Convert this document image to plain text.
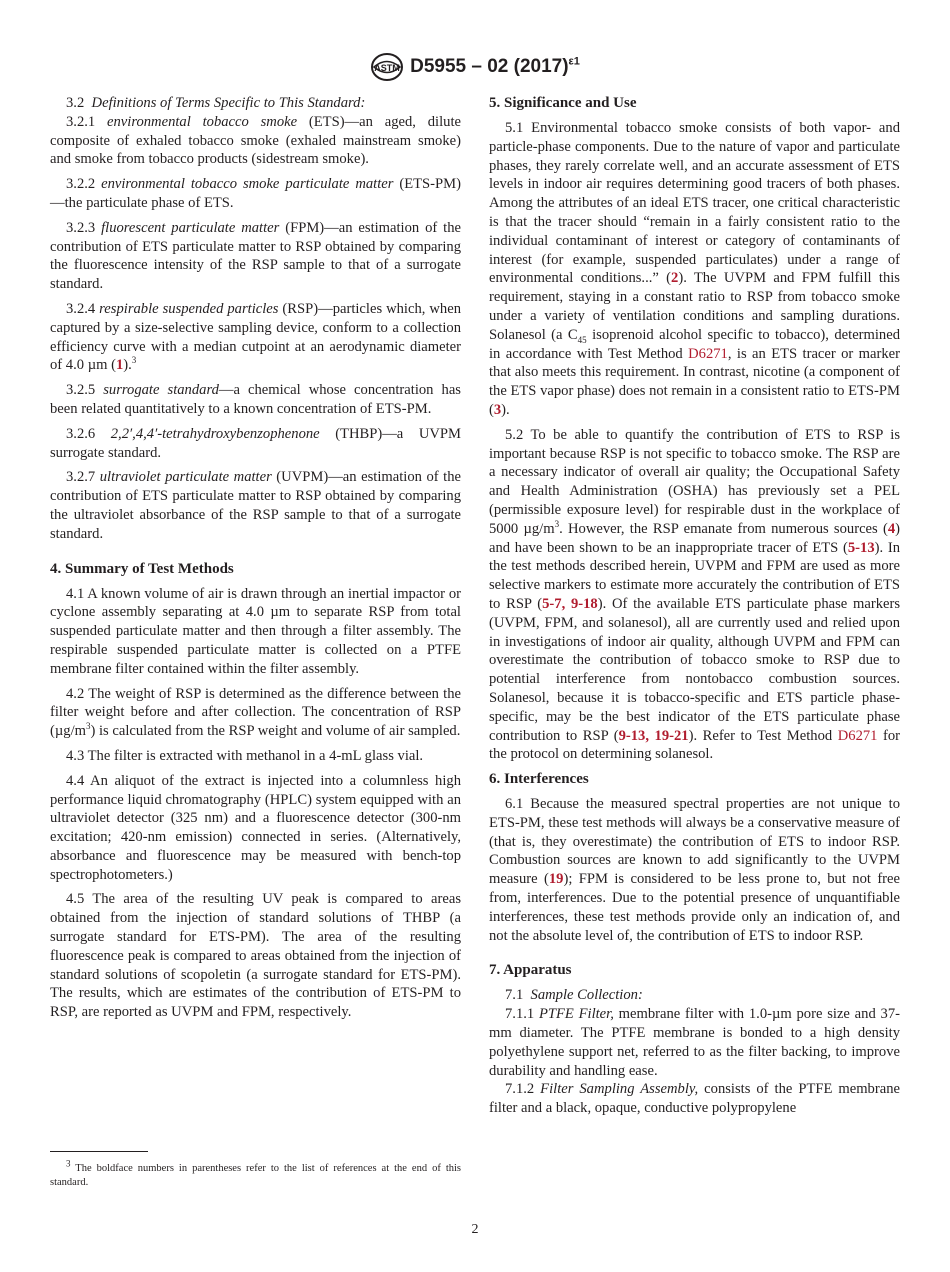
ASTM D5955 – 02 $(2017)^{\varepsilon 1}$

3.2 Definitions of Terms Specific to This Standard:

3.2.1 environmental tobacco smoke (ETS)—an aged, dilute composite of exhaled tobacco smoke (exhaled mainstream smoke) and smoke from tobacco products (sidestream smoke).

3.2.2 environmental tobacco smoke particulate matter (ETS-PM)—the particulate phase of ETS.

3.2.3 fluorescent particulate matter (FPM)—an estimation of the contribution of ETS particulate matter to RSP obtained by comparing the fluorescence intensity of the RSP sample to that of a surrogate standard.

3.2.4 respirable suspended particles (RSP)—particles which, when captured by a size-selective sampling device, conform to a collection efficiency curve with a median cutpoint at an aerodynamic diameter of 4.0 µm (1).$^3$

3.2.5 surrogate standard—a chemical whose concentration has been related quantitatively to a known concentration of ETS-PM.

3.2.6 2,2′,4,4′-tetrahydroxybenzophenone (THBP)—a UVPM surrogate standard.

3.2.7 ultraviolet particulate matter (UVPM)—an estimation of the contribution of ETS particulate matter to RSP obtained by comparing the ultraviolet absorbance of the RSP sample to that of a surrogate standard.

4. Summary of Test Methods

4.1 A known volume of air is drawn through an inertial impactor or cyclone assembly separating at 4.0 µm to separate RSP from total suspended particulate matter and then through a filter assembly. The respirable suspended particulate matter is collected on a PTFE membrane filter contained within the filter assembly.

4.2 The weight of RSP is determined as the difference between the filter weight before and after collection. The concentration of RSP $(\mu g/m^3)$ is calculated from the RSP weight and volume of air sampled.

4.3 The filter is extracted with methanol in a 4-mL glass vial.

4.4 An aliquot of the extract is injected into a columnless high performance liquid chromatography (HPLC) system equipped with an ultraviolet detector (325 nm) and a fluorescence detector (300-nm excitation; 420-nm emission) connected in series. (Alternatively, absorbance and fluorescence may be measured with bench-top spectrophotometers.)

4.5 The area of the resulting UV peak is compared to areas obtained from the injection of standard solutions of THBP (a surrogate standard for ETS-PM). The area of the resulting fluorescence peak is compared to areas obtained from the injection of standard solutions of scopoletin (a surrogate standard for ETS-PM). The results, which are estimates of the contribution of ETS-PM to RSP, are reported as UVPM and FPM, respectively.

5. Significance and Use

5.1 Environmental tobacco smoke consists of both vapor- and particle-phase components. Due to the nature of vapor and particulate phases, they rarely correlate well, and an accurate assessment of ETS levels in indoor air requires determining good tracers of both phases. Among the attributes of an ideal ETS tracer, one critical characteristic is that the tracer should “remain in a fairly consistent ratio to the individual contaminant of interest or category of contaminants of interest (for example, suspended particulates) under a range of environmental conditions...” (2). The UVPM and FPM fulfill this requirement, staying in a constant ratio to RSP from tobacco smoke under a variety of ventilation conditions and sampling durations. Solanesol (a $C_{45}$ isoprenoid alcohol specific to tobacco), determined in accordance with Test Method D6271, is an ETS tracer or marker that also meets this requirement. In contrast, nicotine (a component of the ETS vapor phase) does not remain in a consistent ratio to ETS-PM (3).

5.2 To be able to quantify the contribution of ETS to RSP is important because RSP is not specific to tobacco smoke. The RSP are a necessary indicator of overall air quality; the Occupational Safety and Health Administration (OSHA) has previously set a PEL (permissible exposure level) for respirable dust in the workplace of 5000 $\mu g/m^3$. However, the RSP emanate from numerous sources (4) and have been shown to be an inappropriate tracer of ETS (5-13). In the test methods described herein, UVPM and FPM are used as more selective markers to estimate more accurately the contribution of ETS to RSP (5-7, 9-18). Of the available ETS particulate phase markers (UVPM, FPM, and solanesol), all are currently used and relied upon in investigations of indoor air quality, although UVPM and FPM can overestimate the contribution of tobacco smoke to RSP due to potential interference from nontobacco combustion sources. Solanesol, because it is tobacco-specific and ETS particle phase-specific, may be the best indicator of the ETS particulate phase contribution to RSP (9-13, 19-21). Refer to Test Method D6271 for the protocol on determining solanesol.

6. Interferences

6.1 Because the measured spectral properties are not unique to ETS-PM, these test methods will always be a conservative measure of (that is, they overestimate) the contribution of ETS to indoor RSP. Combustion sources are known to add significantly to the UVPM measure (19); FPM is considered to be less prone to, but not free from, interferences. Due to the potential presence of unquantifiable interferences, these test methods provide only an indication of, and not the absolute level of, the contribution of ETS to indoor RSP.

7. Apparatus

7.1 Sample Collection:

7.1.1 PTFE Filter, membrane filter with 1.0-µm pore size and 37-mm diameter. The PTFE membrane is bonded to a high density polyethylene support net, referred to as the filter backing, to improve durability and handling ease.

7.1.2 Filter Sampling Assembly, consists of the PTFE membrane filter and a black, opaque, conductive polypropylene

$^3$ The boldface numbers in parentheses refer to the list of references at the end of this standard.

2
